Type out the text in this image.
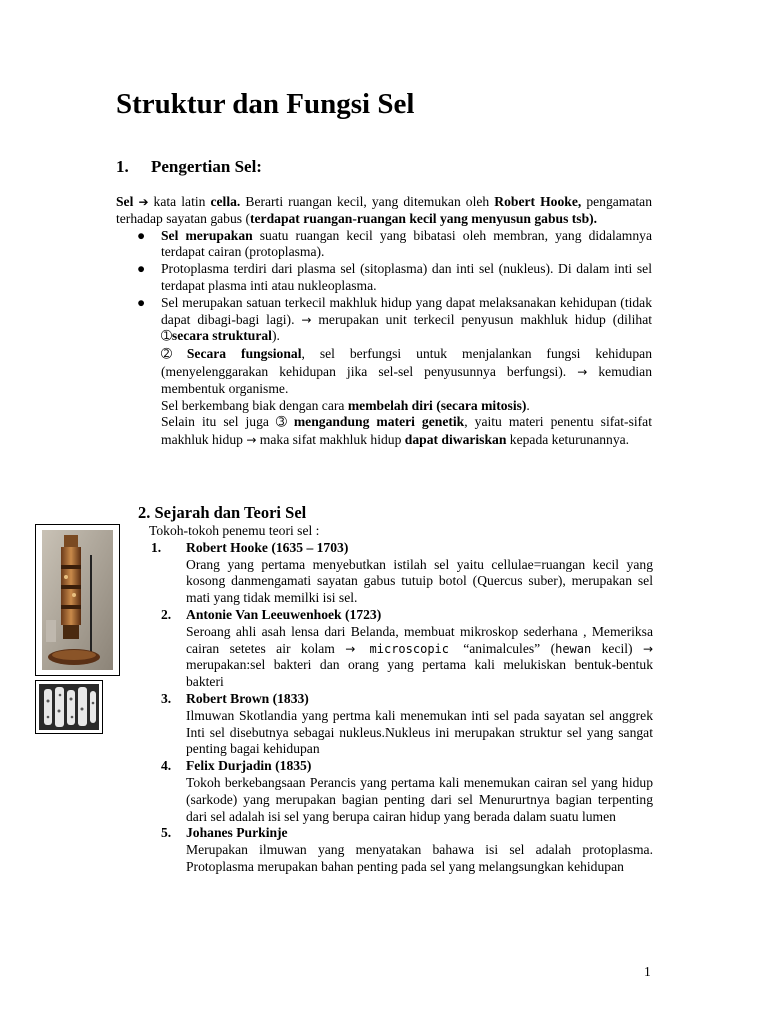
Struktur dan Fungsi Sel
1. Pengertian Sel:
Sel ➔ kata latin cella. Berarti ruangan kecil, yang ditemukan oleh Robert Hooke, pengamatan terhadap sayatan gabus (terdapat ruangan-ruangan kecil yang menyusun gabus tsb).
● Sel merupakan suatu ruangan kecil yang bibatasi oleh membran, yang didalamnya terdapat cairan (protoplasma).
● Protoplasma terdiri dari plasma sel (sitoplasma) dan inti sel (nukleus). Di dalam inti sel terdapat plasma inti atau nukleoplasma.
● Sel merupakan satuan terkecil makhluk hidup yang dapat melaksanakan kehidupan (tidak dapat dibagi-bagi lagi). → merupakan unit terkecil penyusun makhluk hidup (dilihat ➀secara struktural).

➁ Secara fungsional, sel berfungsi untuk menjalankan fungsi kehidupan (menyelenggarakan kehidupan jika sel-sel penyusunnya berfungsi). → kemudian membentuk organisme.

Sel berkembang biak dengan cara membelah diri (secara mitosis).

Selain itu sel juga ➂ mengandung materi genetik, yaitu materi penentu sifat-sifat makhluk hidup → maka sifat makhluk hidup dapat diwariskan kepada keturunannya.

2. Sejarah dan Teori Sel
Tokoh-tokoh penemu teori sel :
1. Robert Hooke (1635 – 1703)
Orang yang pertama menyebutkan istilah sel yaitu cellulae=ruangan kecil yang kosong danmengamati sayatan gabus tutuip botol (Quercus suber), merupakan sel mati yang tidak memilki isi sel.
2. Antonie Van Leeuwenhoek (1723)
Seroang ahli asah lensa dari Belanda, membuat mikroskop sederhana , Memeriksa cairan setetes air kolam → microscopic “animalcules” (hewan kecil) → merupakan:sel bakteri dan orang yang pertama kali melukiskan bentuk-bentuk bakteri
3. Robert Brown (1833)
Ilmuwan Skotlandia yang pertma kali menemukan inti sel pada sayatan sel anggrek Inti sel disebutnya sebagai nukleus.Nukleus ini merupakan struktur sel yang sangat penting bagai kehidupan
4. Felix Durjadin (1835)
Tokoh berkebangsaan Perancis yang pertama kali menemukan cairan sel yang hidup (sarkode) yang merupakan bagian penting dari sel Menururtnya bagian terpenting dari sel adalah isi sel yang berupa cairan hidup yang berada dalam suatu lumen
5. Johanes Purkinje
Merupakan ilmuwan yang menyatakan bahawa isi sel adalah protoplasma. Protoplasma merupakan bahan penting pada sel yang melangsungkan kehidupan
1
